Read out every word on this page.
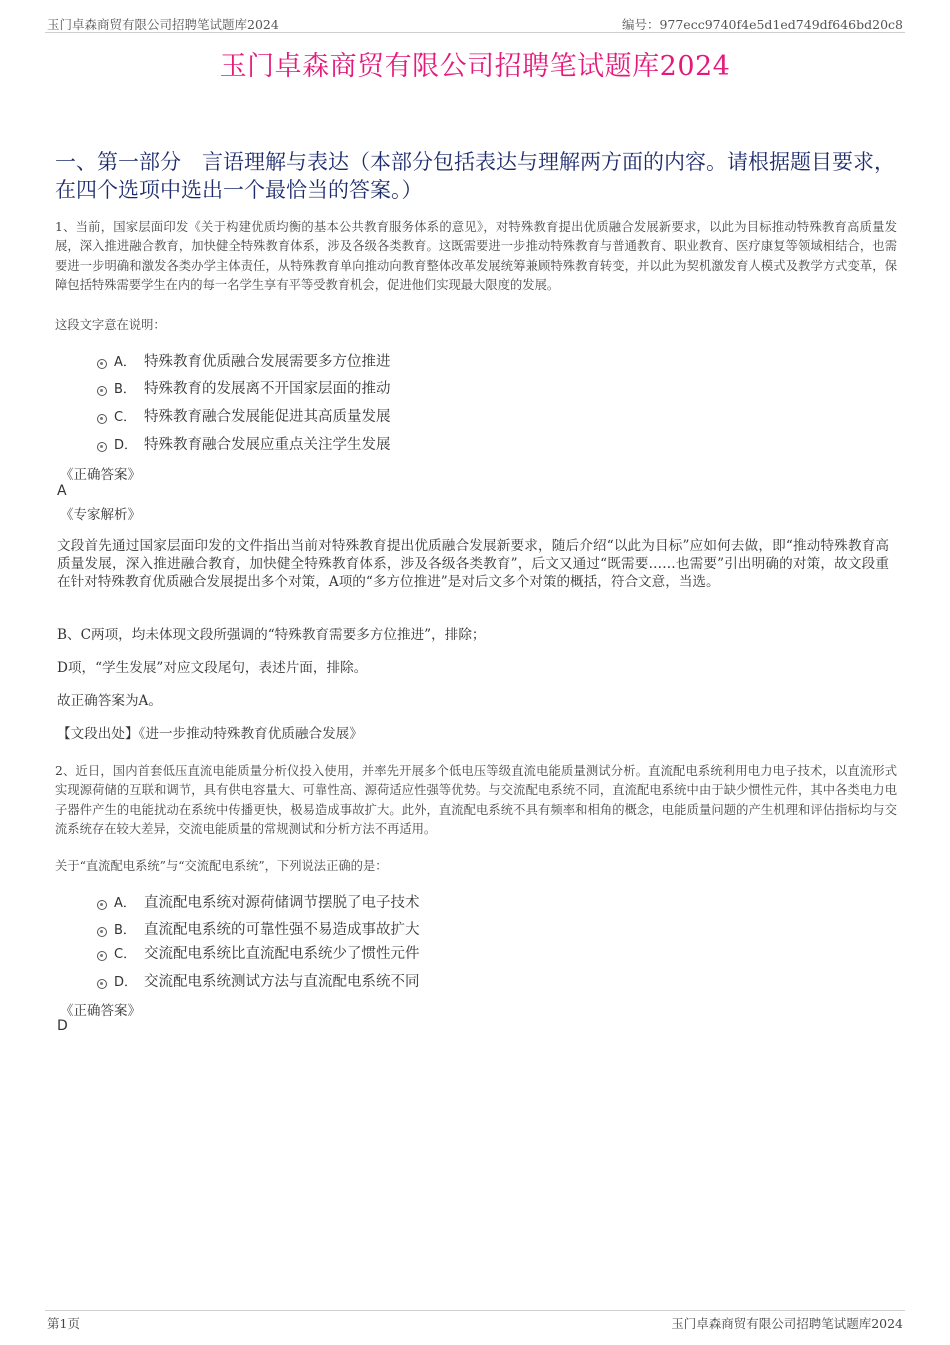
玉门卓森商贸有限公司招聘笔试题库2024	编号：977ecc9740f4e5d1ed749df646bd20c8
玉门卓森商贸有限公司招聘笔试题库2024
一、第一部分　言语理解与表达（本部分包括表达与理解两方面的内容。请根据题目要求，在四个选项中选出一个最恰当的答案。）
1、当前，国家层面印发《关于构建优质均衡的基本公共教育服务体系的意见》，对特殊教育提出优质融合发展新要求，以此为目标推动特殊教育高质量发展，深入推进融合教育，加快健全特殊教育体系，涉及各级各类教育。这既需要进一步推动特殊教育与普通教育、职业教育、医疗康复等领域相结合，也需要进一步明确和激发各类办学主体责任，从特殊教育单向推动向教育整体改革发展统筹兼顾特殊教育转变，并以此为契机激发育人模式及教学方式变革，保障包括特殊需要学生在内的每一名学生享有平等受教育机会，促进他们实现最大限度的发展。
这段文字意在说明：
A． 特殊教育优质融合发展需要多方位推进
B． 特殊教育的发展离不开国家层面的推动
C． 特殊教育融合发展能促进其高质量发展
D． 特殊教育融合发展应重点关注学生发展
《正确答案》
A
《专家解析》
文段首先通过国家层面印发的文件指出当前对特殊教育提出优质融合发展新要求，随后介绍“以此为目标”应如何去做，即“推动特殊教育高质量发展，深入推进融合教育，加快健全特殊教育体系，涉及各级各类教育”，后文又通过“既需要……也需要”引出明确的对策，故文段重在针对特殊教育优质融合发展提出多个对策，A项的“多方位推进”是对后文多个对策的概括，符合文意，当选。
B、C两项，均未体现文段所强调的“特殊教育需要多方位推进”，排除；
D项，“学生发展”对应文段尾句，表述片面，排除。
故正确答案为A。
【文段出处】《进一步推动特殊教育优质融合发展》
2、近日，国内首套低压直流电能质量分析仪投入使用，并率先开展多个低电压等级直流电能质量测试分析。直流配电系统利用电力电子技术，以直流形式实现源荷储的互联和调节，具有供电容量大、可靠性高、源荷适应性强等优势。与交流配电系统不同，直流配电系统中由于缺少惯性元件，其中各类电力电子器件产生的电能扰动在系统中传播更快，极易造成事故扩大。此外，直流配电系统不具有频率和相角的概念，电能质量问题的产生机理和评估指标均与交流系统存在较大差异，交流电能质量的常规测试和分析方法不再适用。
关于“直流配电系统”与“交流配电系统”，下列说法正确的是：
A． 直流配电系统对源荷储调节摆脱了电子技术
B． 直流配电系统的可靠性强不易造成事故扩大
C． 交流配电系统比直流配电系统少了惯性元件
D． 交流配电系统测试方法与直流配电系统不同
《正确答案》
D
第1页	玉门卓森商贸有限公司招聘笔试题库2024
